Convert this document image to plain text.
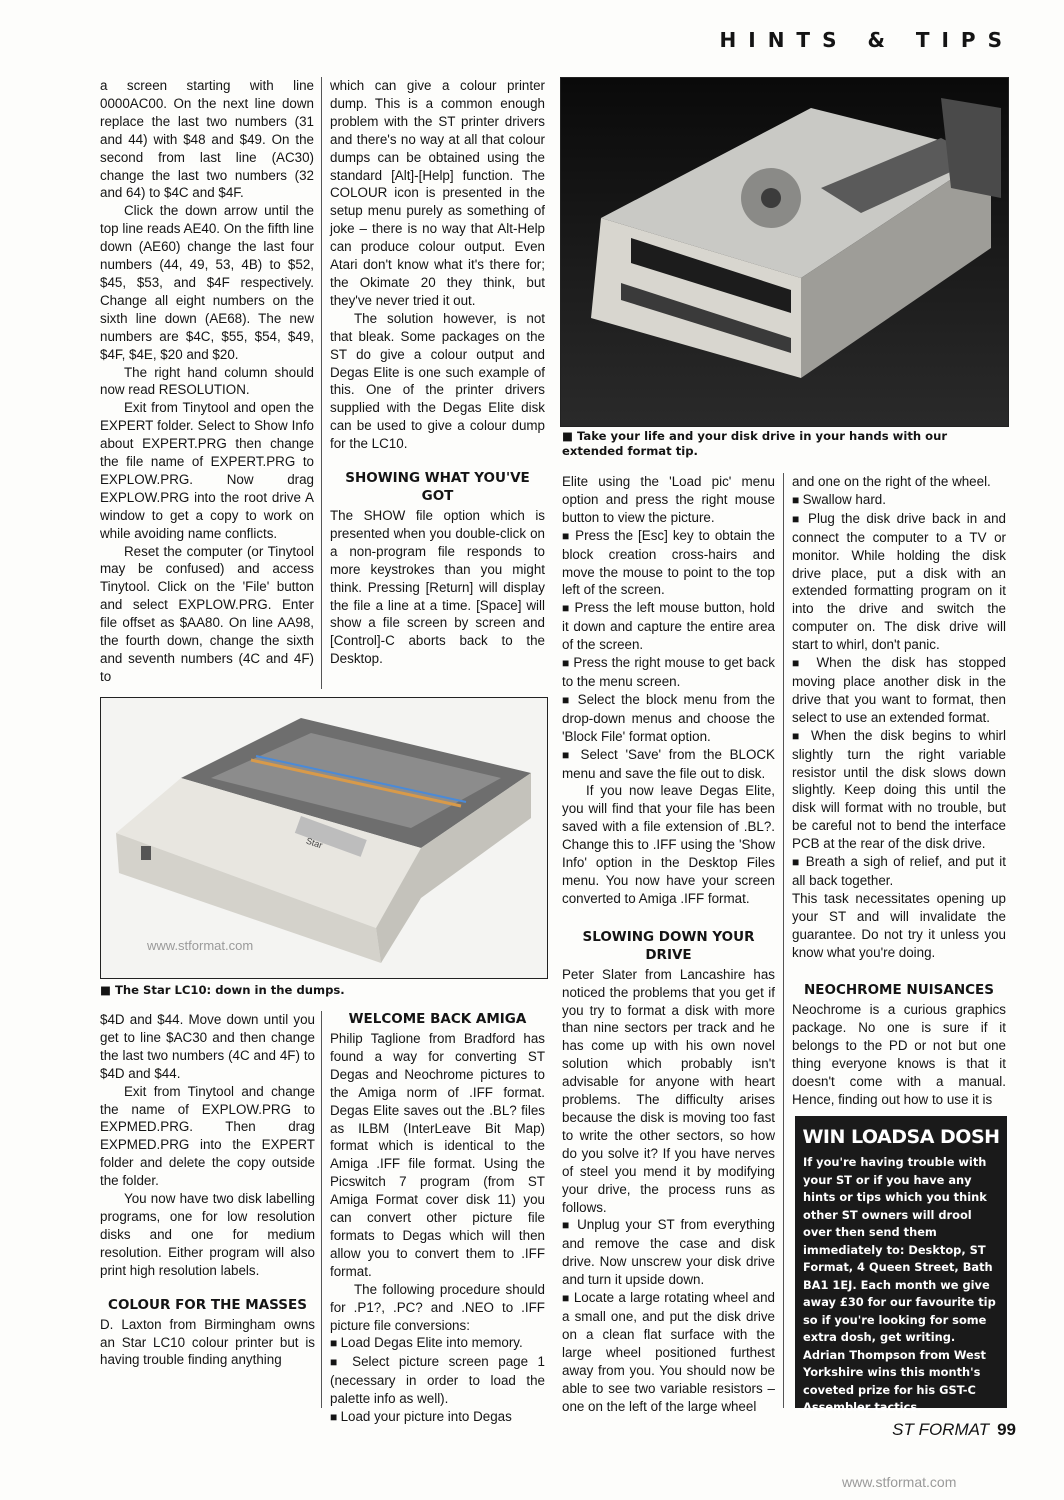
HINTS & TIPS

a screen starting with line 0000AC00. On the next line down replace the last two numbers (31 and 44) with $48 and $49. On the second from last line (AC30) change the last two numbers (32 and 64) to $4C and $4F.

Click the down arrow until the top line reads AE40. On the fifth line down (AE60) change the last four numbers (44, 49, 53, 4B) to $52, $45, $53, and $4F respectively. Change all eight numbers on the sixth line down (AE68). The new numbers are $4C, $55, $54, $49, $4F, $4E, $20 and $20.

The right hand column should now read RESOLUTION.

Exit from Tinytool and open the EXPERT folder. Select to Show Info about EXPERT.PRG then change the file name of EXPERT.PRG to EXPLOW.PRG. Now drag EXPLOW.PRG into the root drive A window to get a copy to work on while avoiding name conflicts.

Reset the computer (or Tinytool may be confused) and access Tinytool. Click on the 'File' button and select EXPLOW.PRG. Enter file offset as $AA80. On line AA98, the fourth down, change the sixth and seventh numbers (4C and 4F) to

which can give a colour printer dump. This is a common enough problem with the ST printer drivers and there's no way at all that colour dumps can be obtained using the standard [Alt]-[Help] function. The COLOUR icon is presented in the setup menu purely as something of joke – there is no way that Alt-Help can produce colour output. Even Atari don't know what it's there for; the Okimate 20 they think, but they've never tried it out.

The solution however, is not that bleak. Some packages on the ST do give a colour output and Degas Elite is one such example of this. One of the printer drivers supplied with the Degas Elite disk can be used to give a colour dump for the LC10.

SHOWING WHAT YOU'VE GOT

The SHOW file option which is presented when you double-click on a non-program file responds to more keystrokes than you might think. Pressing [Return] will display the file a line at a time. [Space] will show a file screen by screen and [Control]-C aborts back to the Desktop.

■ Take your life and your disk drive in your hands with our extended format tip.

Elite using the 'Load pic' menu option and press the right mouse button to view the picture.

■ Press the [Esc] key to obtain the block creation cross-hairs and move the mouse to point to the top left of the screen.

■ Press the left mouse button, hold it down and capture the entire area of the screen.

■ Press the right mouse to get back to the menu screen.

■ Select the block menu from the drop-down menus and choose the 'Block File' format option.

■ Select 'Save' from the BLOCK menu and save the file out to disk.

If you now leave Degas Elite, you will find that your file has been saved with a file extension of .BL?. Change this to .IFF using the 'Show Info' option in the Desktop Files menu. You now have your screen converted to Amiga .IFF format.

SLOWING DOWN YOUR DRIVE

Peter Slater from Lancashire has noticed the problems that you get if you try to format a disk with more than nine sectors per track and he has come up with his own novel solution which probably isn't advisable for anyone with heart problems. The difficulty arises because the disk is moving too fast to write the other sectors, so how do you solve it? If you have nerves of steel you mend it by modifying your drive, the process runs as follows.

■ Unplug your ST from everything and remove the case and disk drive. Now unscrew your disk drive and turn it upside down.

■ Locate a large rotating wheel and a small one, and put the disk drive on a clean flat surface with the large wheel positioned furthest away from you. You should now be able to see two variable resistors – one on the left of the large wheel

and one on the right of the wheel.

■ Swallow hard.

■ Plug the disk drive back in and connect the computer to a TV or monitor. While holding the disk drive place, put a disk with an extended formatting program on it into the drive and switch the computer on. The disk drive will start to whirl, don't panic.

■ When the disk has stopped moving place another disk in the drive that you want to format, then select to use an extended format.

■ When the disk begins to whirl slightly turn the right variable resistor until the disk slows down slightly. Keep doing this until the disk will format with no trouble, but be careful not to bend the interface PCB at the rear of the disk drive.

■ Breath a sigh of relief, and put it all back together.

This task necessitates opening up your ST and will invalidate the guarantee. Do not try it unless you know what you're doing.

NEOCHROME NUISANCES

Neochrome is a curious graphics package. No one is sure if it belongs to the PD or not but one thing everyone knows is that it doesn't come with a manual. Hence, finding out how to use it is

www.stformat.com
Star
■ The Star LC10: down in the dumps.

$4D and $44. Move down until you get to line $AC30 and then change the last two numbers (4C and 4F) to $4D and $44.

Exit from Tinytool and change the name of EXPLOW.PRG to EXPMED.PRG. Then drag EXPMED.PRG into the EXPERT folder and delete the copy outside the folder.

You now have two disk labelling programs, one for low resolution disks and one for medium resolution. Either program will also print high resolution labels.

COLOUR FOR THE MASSES

D. Laxton from Birmingham owns an Star LC10 colour printer but is having trouble finding anything

WELCOME BACK AMIGA

Philip Taglione from Bradford has found a way for converting ST Degas and Neochrome pictures to the Amiga norm of .IFF format. Degas Elite saves out the .BL? files as ILBM (InterLeave Bit Map) format which is identical to the Amiga .IFF file format. Using the Picswitch 7 program (from ST Amiga Format cover disk 11) you can convert other picture file formats to Degas which will then allow you to convert them to .IFF format.

The following procedure should for .P1?, .PC? and .NEO to .IFF picture file conversions:

■ Load Degas Elite into memory.

■ Select picture screen page 1 (necessary in order to load the palette info as well).

■ Load your picture into Degas

WIN LOADSA DOSH

If you're having trouble with your ST or if you have any hints or tips which you think other ST owners will drool over then send them immediately to: Desktop, ST Format, 4 Queen Street, Bath BA1 1EJ. Each month we give away £30 for our favourite tip so if you're looking for some extra dosh, get writing. Adrian Thompson from West Yorkshire wins this month's coveted prize for his GST-C Assembler tactics.

ST FORMAT 99
www.stformat.com
